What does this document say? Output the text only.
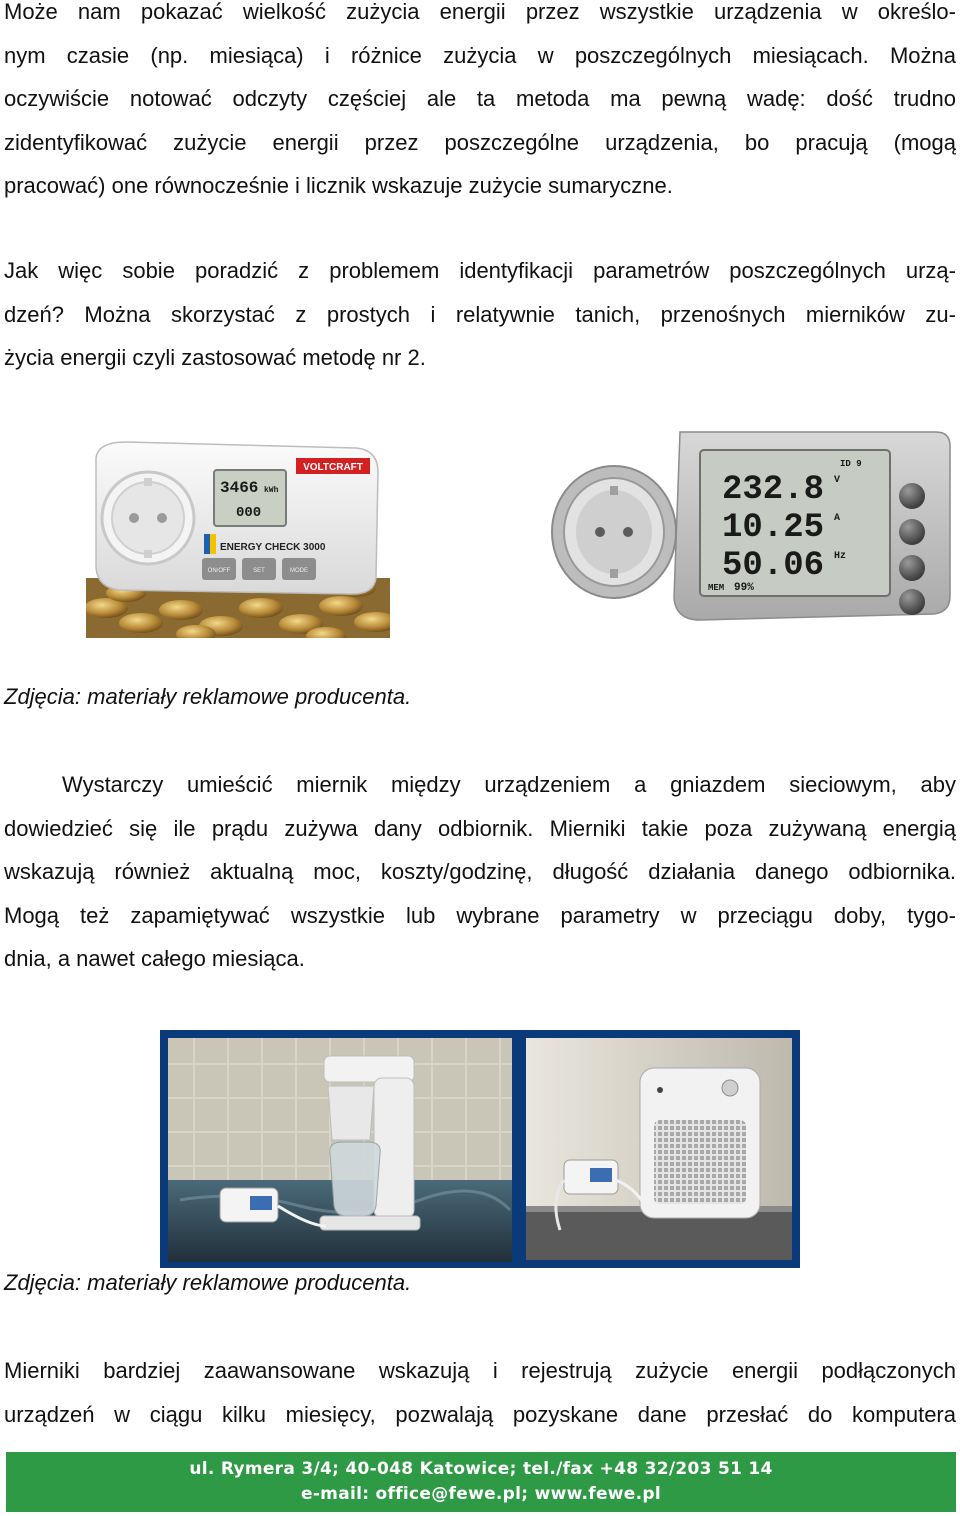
Może nam pokazać wielkość zużycia energii przez wszystkie urządzenia w określo-
nym czasie (np. miesiąca) i różnice zużycia w poszczególnych miesiącach. Można
oczywiście notować odczyty częściej ale ta metoda ma pewną wadę: dość trudno
zidentyfikować zużycie energii przez poszczególne urządzenia, bo pracują (mogą
pracować) one równocześnie i licznik wskazuje zużycie sumaryczne.
Jak więc sobie poradzić z problemem identyfikacji parametrów poszczególnych urzą-
dzeń? Można skorzystać z prostych i relatywnie tanich, przenośnych mierników zu-
życia energii czyli zastosować metodę nr 2.
VOLTCRAFT
3466 kWh
000
ENERGY CHECK 3000
ON/OFF	SET	MODE
232.8 V
10.25 A
50.06 Hz
ID 9
MEM 99%

Zdjęcia: materiały reklamowe producenta.

Wystarczy umieścić miernik między urządzeniem a gniazdem sieciowym, aby
dowiedzieć się ile prądu zużywa dany odbiornik. Mierniki takie poza zużywaną energią
wskazują również aktualną moc, koszty/godzinę, długość działania danego odbiornika.
Mogą też zapamiętywać wszystkie lub wybrane parametry w przeciągu doby, tygo-
dnia, a nawet całego miesiąca.

Zdjęcia: materiały reklamowe producenta.

Mierniki bardziej zaawansowane wskazują i rejestrują zużycie energii podłączonych
urządzeń w ciągu kilku miesięcy, pozwalają pozyskane dane przesłać do komputera
ul. Rymera 3/4; 40-048 Katowice; tel./fax +48 32/203 51 14
e-mail: office@fewe.pl; www.fewe.pl
